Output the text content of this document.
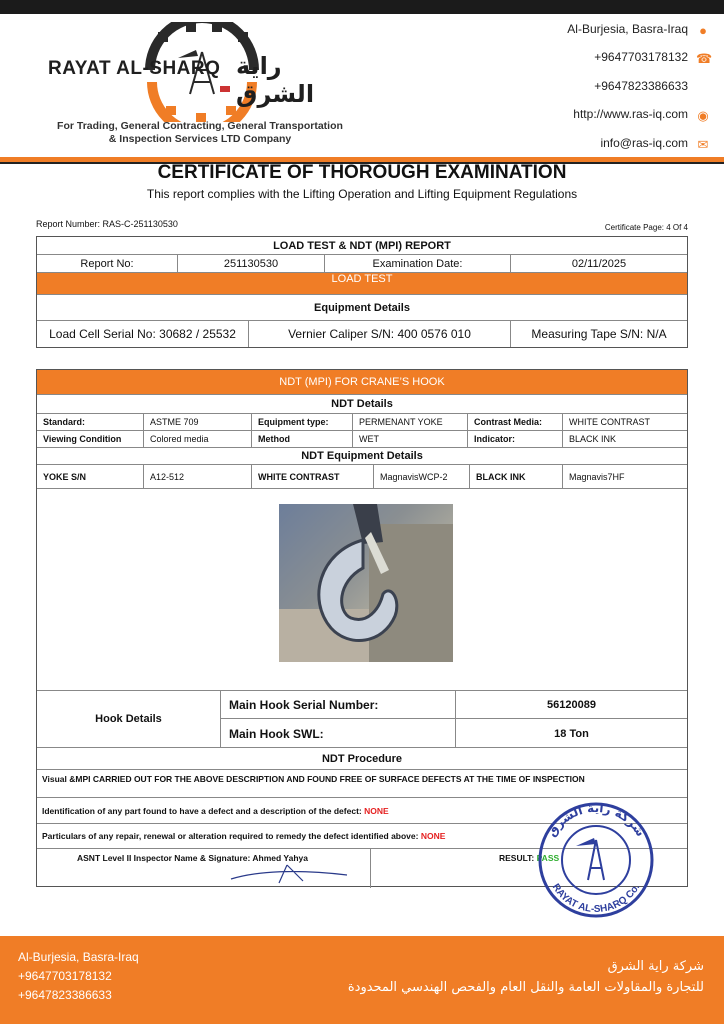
RAYAT AL-SHARQ راية الشرق
For Trading, General Contracting, General Transportation
& Inspection Services LTD Company
Al-Burjesia, Basra-Iraq ●
+9647703178132 ☎
+9647823386633
http://www.ras-iq.com ◉
info@ras-iq.com ✉
CERTIFICATE OF THOROUGH EXAMINATION
This report complies with the Lifting Operation and Lifting Equipment Regulations
Report Number: RAS-C-251130530	Certificate Page: 4 Of 4
LOAD TEST & NDT (MPI) REPORT
Report No:	251130530	Examination Date:	02/11/2025
LOAD TEST
Equipment Details
Load Cell Serial No: 30682 / 25532	Vernier Caliper S/N: 400 0576 010	Measuring Tape S/N: N/A
NDT (MPI) FOR CRANE’S HOOK
NDT Details
Standard:	ASTME 709	Equipment type:	PERMENANT YOKE	Contrast Media:	WHITE CONTRAST
Viewing Condition	Colored media	Method	WET	Indicator:	BLACK INK
NDT Equipment Details
YOKE S/N	A12-512	WHITE CONTRAST	MagnavisWCP-2	BLACK INK	Magnavis7HF
Hook Details
Main Hook Serial Number:	56120089
Main Hook SWL:	18 Ton
NDT Procedure
Visual &MPI CARRIED OUT FOR THE ABOVE DESCRIPTION AND FOUND FREE OF SURFACE DEFECTS AT THE TIME OF INSPECTION
Identification of any part found to have a defect and a description of the defect:
NONE
Particulars of any repair, renewal or alteration required to remedy the defect identified above:
NONE
ASNT Level II Inspector Name & Signature: Ahmed Yahya	RESULT:
PASS
شركة راية الشرق
RAYAT AL-SHARQ Co.
Al-Burjesia, Basra-Iraq
+9647703178132
+9647823386633
شركة راية الشرق
للتجارة والمقاولات العامة والنقل العام والفحص الهندسي المحدودة
